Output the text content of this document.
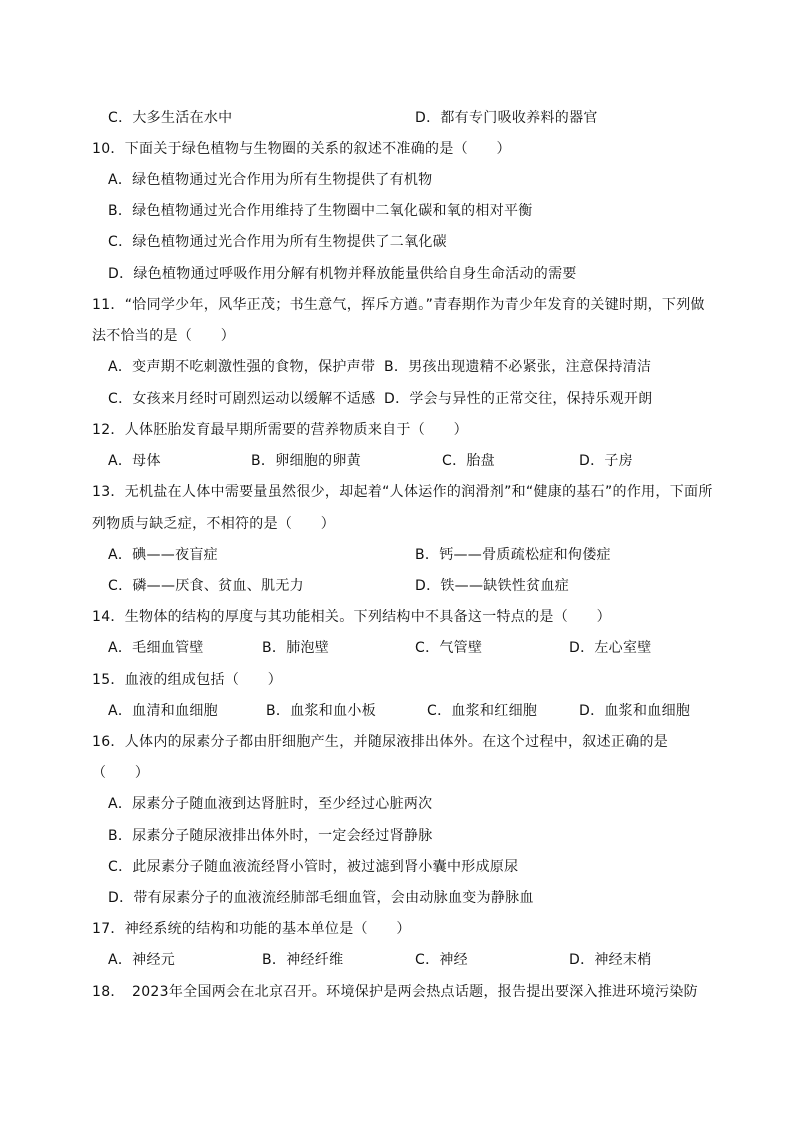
C．大多生活在水中	D．都有专门吸收养料的器官
10．下面关于绿色植物与生物圈的关系的叙述不准确的是（　　）
A．绿色植物通过光合作用为所有生物提供了有机物
B．绿色植物通过光合作用维持了生物圈中二氧化碳和氧的相对平衡
C．绿色植物通过光合作用为所有生物提供了二氧化碳
D．绿色植物通过呼吸作用分解有机物并释放能量供给自身生命活动的需要
11．“恰同学少年，风华正茂；书生意气，挥斥方遒。”青春期作为青少年发育的关键时期，下列做
法不恰当的是（　　）
A．变声期不吃刺激性强的食物，保护声带 B．男孩出现遗精不必紧张，注意保持清洁
C．女孩来月经时可剧烈运动以缓解不适感 D．学会与异性的正常交往，保持乐观开朗
12．人体胚胎发育最早期所需要的营养物质来自于（　　）
A．母体	B．卵细胞的卵黄	C．胎盘	D．子房
13．无机盐在人体中需要量虽然很少，却起着“人体运作的润滑剂”和“健康的基石”的作用，下面所
列物质与缺乏症，不相符的是（　　）
A．碘——夜盲症	B．钙——骨质疏松症和佝偻症
C．磷——厌食、贫血、肌无力	D．铁——缺铁性贫血症
14．生物体的结构的厚度与其功能相关。下列结构中不具备这一特点的是（　　）
A．毛细血管壁	B．肺泡壁	C．气管壁	D．左心室壁
15．血液的组成包括（　　）
A．血清和血细胞	B．血浆和血小板	C．血浆和红细胞	D．血浆和血细胞
16．人体内的尿素分子都由肝细胞产生，并随尿液排出体外。在这个过程中，叙述正确的是
（　　）
A．尿素分子随血液到达肾脏时，至少经过心脏两次
B．尿素分子随尿液排出体外时，一定会经过肾静脉
C．此尿素分子随血液流经肾小管时，被过滤到肾小囊中形成原尿
D．带有尿素分子的血液流经肺部毛细血管，会由动脉血变为静脉血
17．神经系统的结构和功能的基本单位是（　　）
A．神经元	B．神经纤维	C．神经	D．神经末梢
18．　2023年全国两会在北京召开。环境保护是两会热点话题，报告提出要深入推进环境污染防
